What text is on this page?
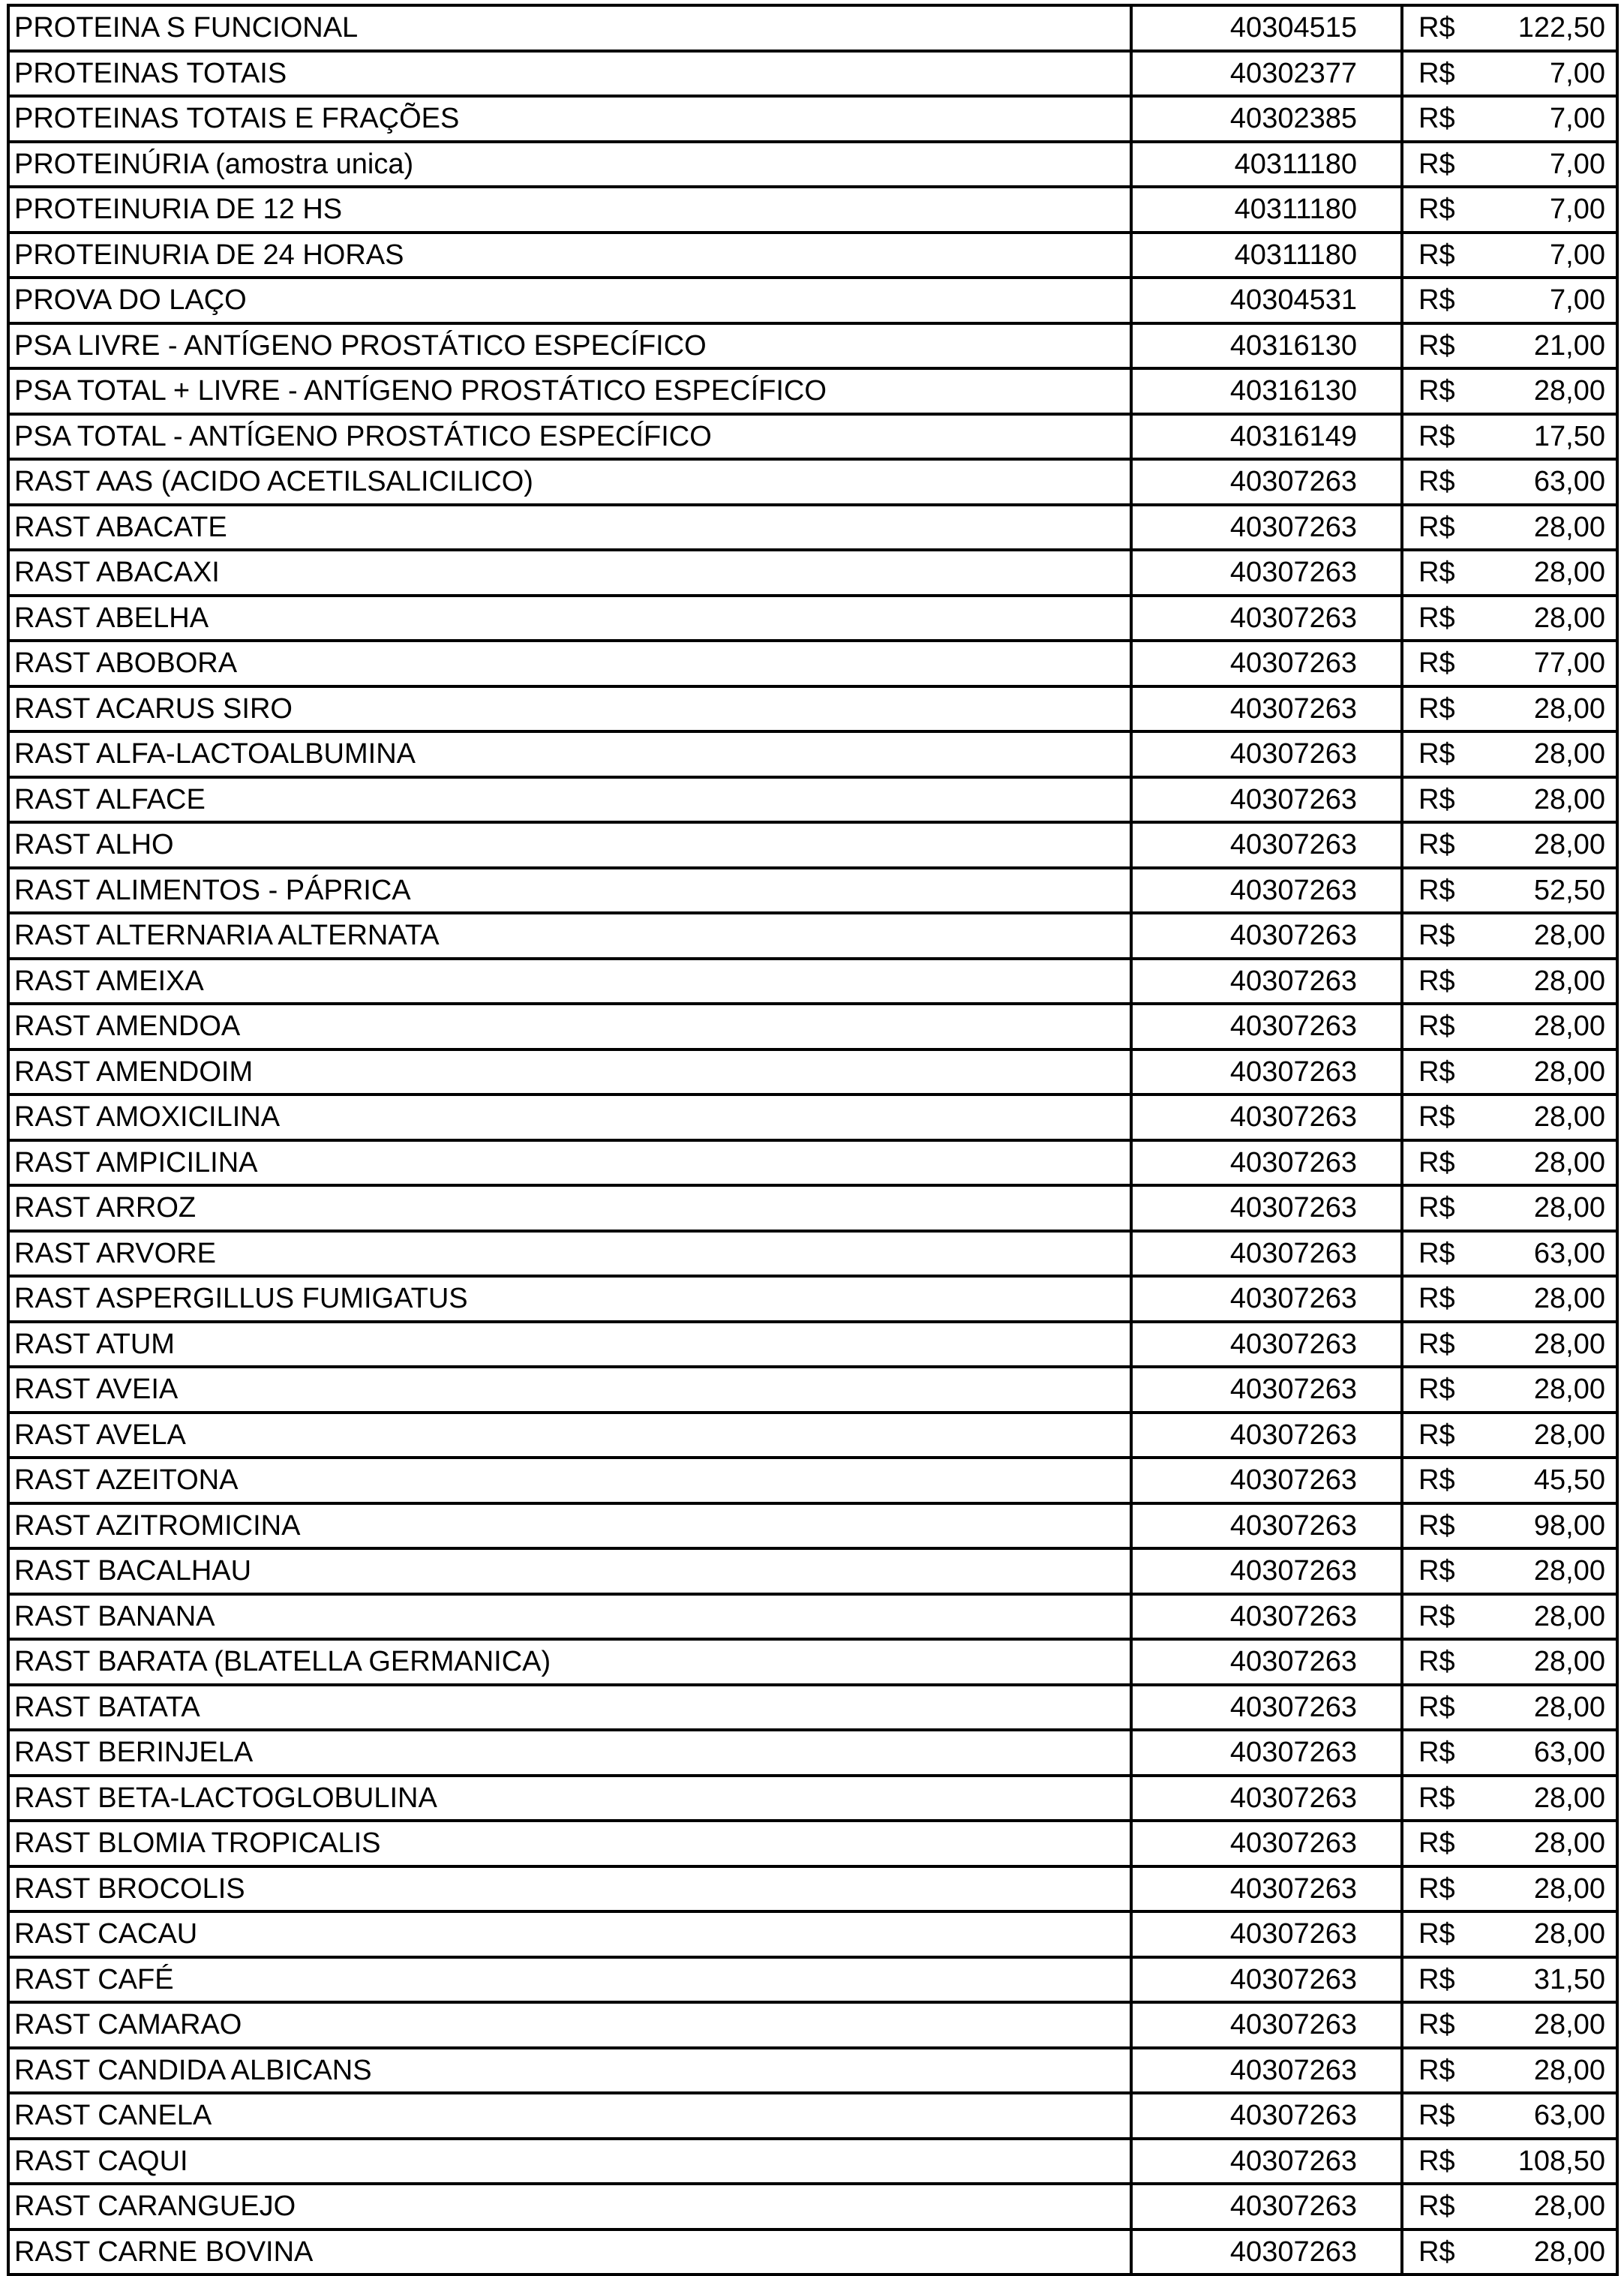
PROTEINA S FUNCIONAL	40304515	R$	122,50
PROTEINAS TOTAIS	40302377	R$	7,00
PROTEINAS TOTAIS E FRAÇÕES	40302385	R$	7,00
PROTEINÚRIA (amostra unica)	40311180	R$	7,00
PROTEINURIA DE 12 HS	40311180	R$	7,00
PROTEINURIA DE 24 HORAS	40311180	R$	7,00
PROVA DO LAÇO	40304531	R$	7,00
PSA LIVRE - ANTÍGENO PROSTÁTICO ESPECÍFICO	40316130	R$	21,00
PSA TOTAL + LIVRE - ANTÍGENO PROSTÁTICO ESPECÍFICO	40316130	R$	28,00
PSA TOTAL - ANTÍGENO PROSTÁTICO ESPECÍFICO	40316149	R$	17,50
RAST AAS (ACIDO ACETILSALICILICO)	40307263	R$	63,00
RAST ABACATE	40307263	R$	28,00
RAST ABACAXI	40307263	R$	28,00
RAST ABELHA	40307263	R$	28,00
RAST ABOBORA	40307263	R$	77,00
RAST ACARUS SIRO	40307263	R$	28,00
RAST ALFA-LACTOALBUMINA	40307263	R$	28,00
RAST ALFACE	40307263	R$	28,00
RAST ALHO	40307263	R$	28,00
RAST ALIMENTOS - PÁPRICA	40307263	R$	52,50
RAST ALTERNARIA ALTERNATA	40307263	R$	28,00
RAST AMEIXA	40307263	R$	28,00
RAST AMENDOA	40307263	R$	28,00
RAST AMENDOIM	40307263	R$	28,00
RAST AMOXICILINA	40307263	R$	28,00
RAST AMPICILINA	40307263	R$	28,00
RAST ARROZ	40307263	R$	28,00
RAST ARVORE	40307263	R$	63,00
RAST ASPERGILLUS FUMIGATUS	40307263	R$	28,00
RAST ATUM	40307263	R$	28,00
RAST AVEIA	40307263	R$	28,00
RAST AVELA	40307263	R$	28,00
RAST AZEITONA	40307263	R$	45,50
RAST AZITROMICINA	40307263	R$	98,00
RAST BACALHAU	40307263	R$	28,00
RAST BANANA	40307263	R$	28,00
RAST BARATA (BLATELLA GERMANICA)	40307263	R$	28,00
RAST BATATA	40307263	R$	28,00
RAST BERINJELA	40307263	R$	63,00
RAST BETA-LACTOGLOBULINA	40307263	R$	28,00
RAST BLOMIA TROPICALIS	40307263	R$	28,00
RAST BROCOLIS	40307263	R$	28,00
RAST CACAU	40307263	R$	28,00
RAST CAFÉ	40307263	R$	31,50
RAST CAMARAO	40307263	R$	28,00
RAST CANDIDA ALBICANS	40307263	R$	28,00
RAST CANELA	40307263	R$	63,00
RAST CAQUI	40307263	R$	108,50
RAST CARANGUEJO	40307263	R$	28,00
RAST CARNE BOVINA	40307263	R$	28,00
